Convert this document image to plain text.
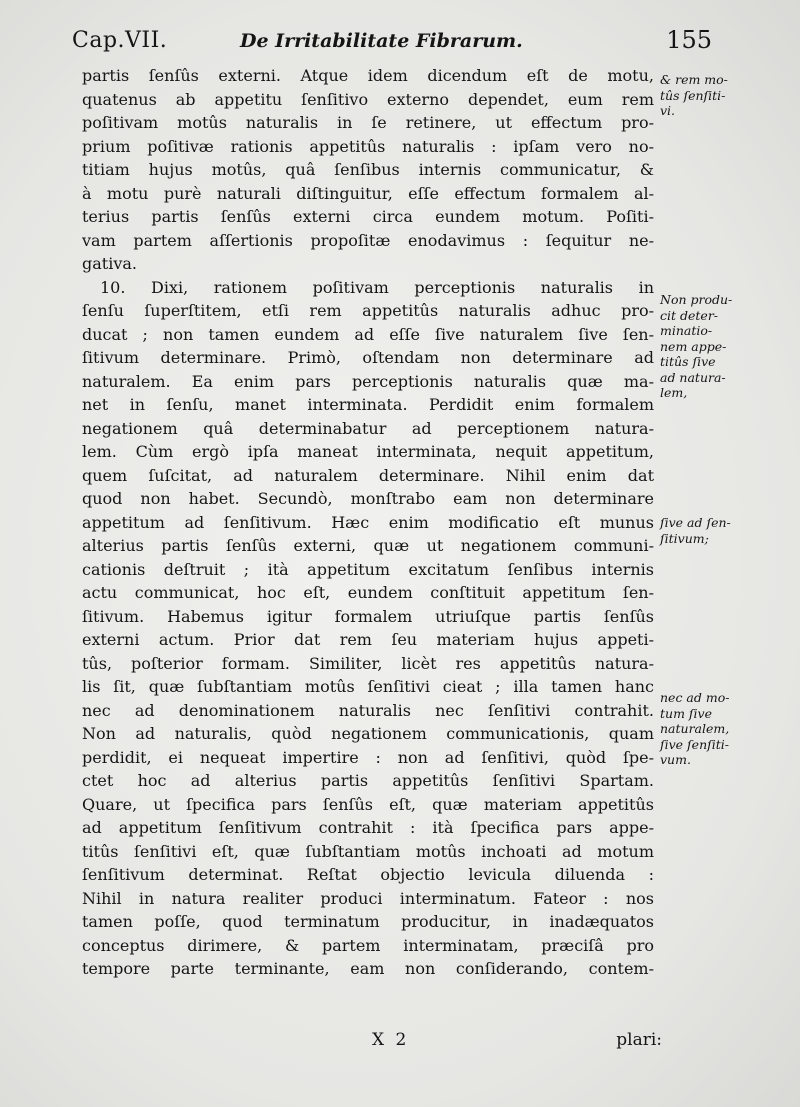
Cap.VII.	De Irritabilitate Fibrarum.	155
partis ſenſûs externi. Atque idem dicendum eſt de motu,
quatenus ab appetitu ſenſitivo externo dependet, eum rem
poſitivam motûs naturalis in ſe retinere, ut effectum pro-
prium poſitivæ rationis appetitûs naturalis : ipſam vero no-
titiam hujus motûs, quâ ſenſibus internis communicatur, &
à motu purè naturali diſtinguitur, eſſe effectum formalem al-
terius partis ſenſûs externi circa eundem motum. Poſiti-
vam partem aſſertionis propoſitæ enodavimus : ſequitur ne-
gativa.
10. Dixi, rationem poſitivam perceptionis naturalis in
ſenſu ſuperſtitem, etſi rem appetitûs naturalis adhuc pro-
ducat ; non tamen eundem ad eſſe ſive naturalem ſive ſen-
ſitivum determinare. Primò, oſtendam non determinare ad
naturalem. Ea enim pars perceptionis naturalis quæ ma-
net in ſenſu, manet interminata. Perdidit enim formalem
negationem quâ determinabatur ad perceptionem natura-
lem. Cùm ergò ipſa maneat interminata, nequit appetitum,
quem ſuſcitat, ad naturalem determinare. Nihil enim dat
quod non habet. Secundò, monſtrabo eam non determinare
appetitum ad ſenſitivum. Hæc enim modificatio eſt munus
alterius partis ſenſûs externi, quæ ut negationem communi-
cationis deſtruit ; ità appetitum excitatum ſenſibus internis
actu communicat, hoc eſt, eundem conſtituit appetitum ſen-
ſitivum. Habemus igitur formalem utriuſque partis ſenſûs
externi actum. Prior dat rem ſeu materiam hujus appeti-
tûs, poſterior formam. Similiter, licèt res appetitûs natura-
lis ſit, quæ ſubſtantiam motûs ſenſitivi cieat ; illa tamen hanc
nec ad denominationem naturalis nec ſenſitivi contrahit.
Non ad naturalis, quòd negationem communicationis, quam
perdidit, ei nequeat impertire : non ad ſenſitivi, quòd ſpe-
ctet hoc ad alterius partis appetitûs ſenſitivi Spartam.
Quare, ut ſpecifica pars ſenſûs eſt, quæ materiam appetitûs
ad appetitum ſenſitivum contrahit : ità ſpecifica pars appe-
titûs ſenſitivi eſt, quæ ſubſtantiam motûs inchoati ad motum
ſenſitivum determinat. Reſtat objectio levicula diluenda :
Nihil in natura realiter produci interminatum. Fateor : nos
tamen poſſe, quod terminatum producitur, in inadæquatos
conceptus dirimere, & partem interminatam, præciſâ pro
tempore parte terminante, eam non conſiderando, contem-
& rem mo-
tûs ſenſiti-
vi.
Non produ-
cit deter-
minatio-
nem appe-
titûs ſive
ad natura-
lem,
ſive ad ſen-
ſitivum;
nec ad mo-
tum ſive
naturalem,
ſive ſenſiti-
vum.
X 2	plari:
